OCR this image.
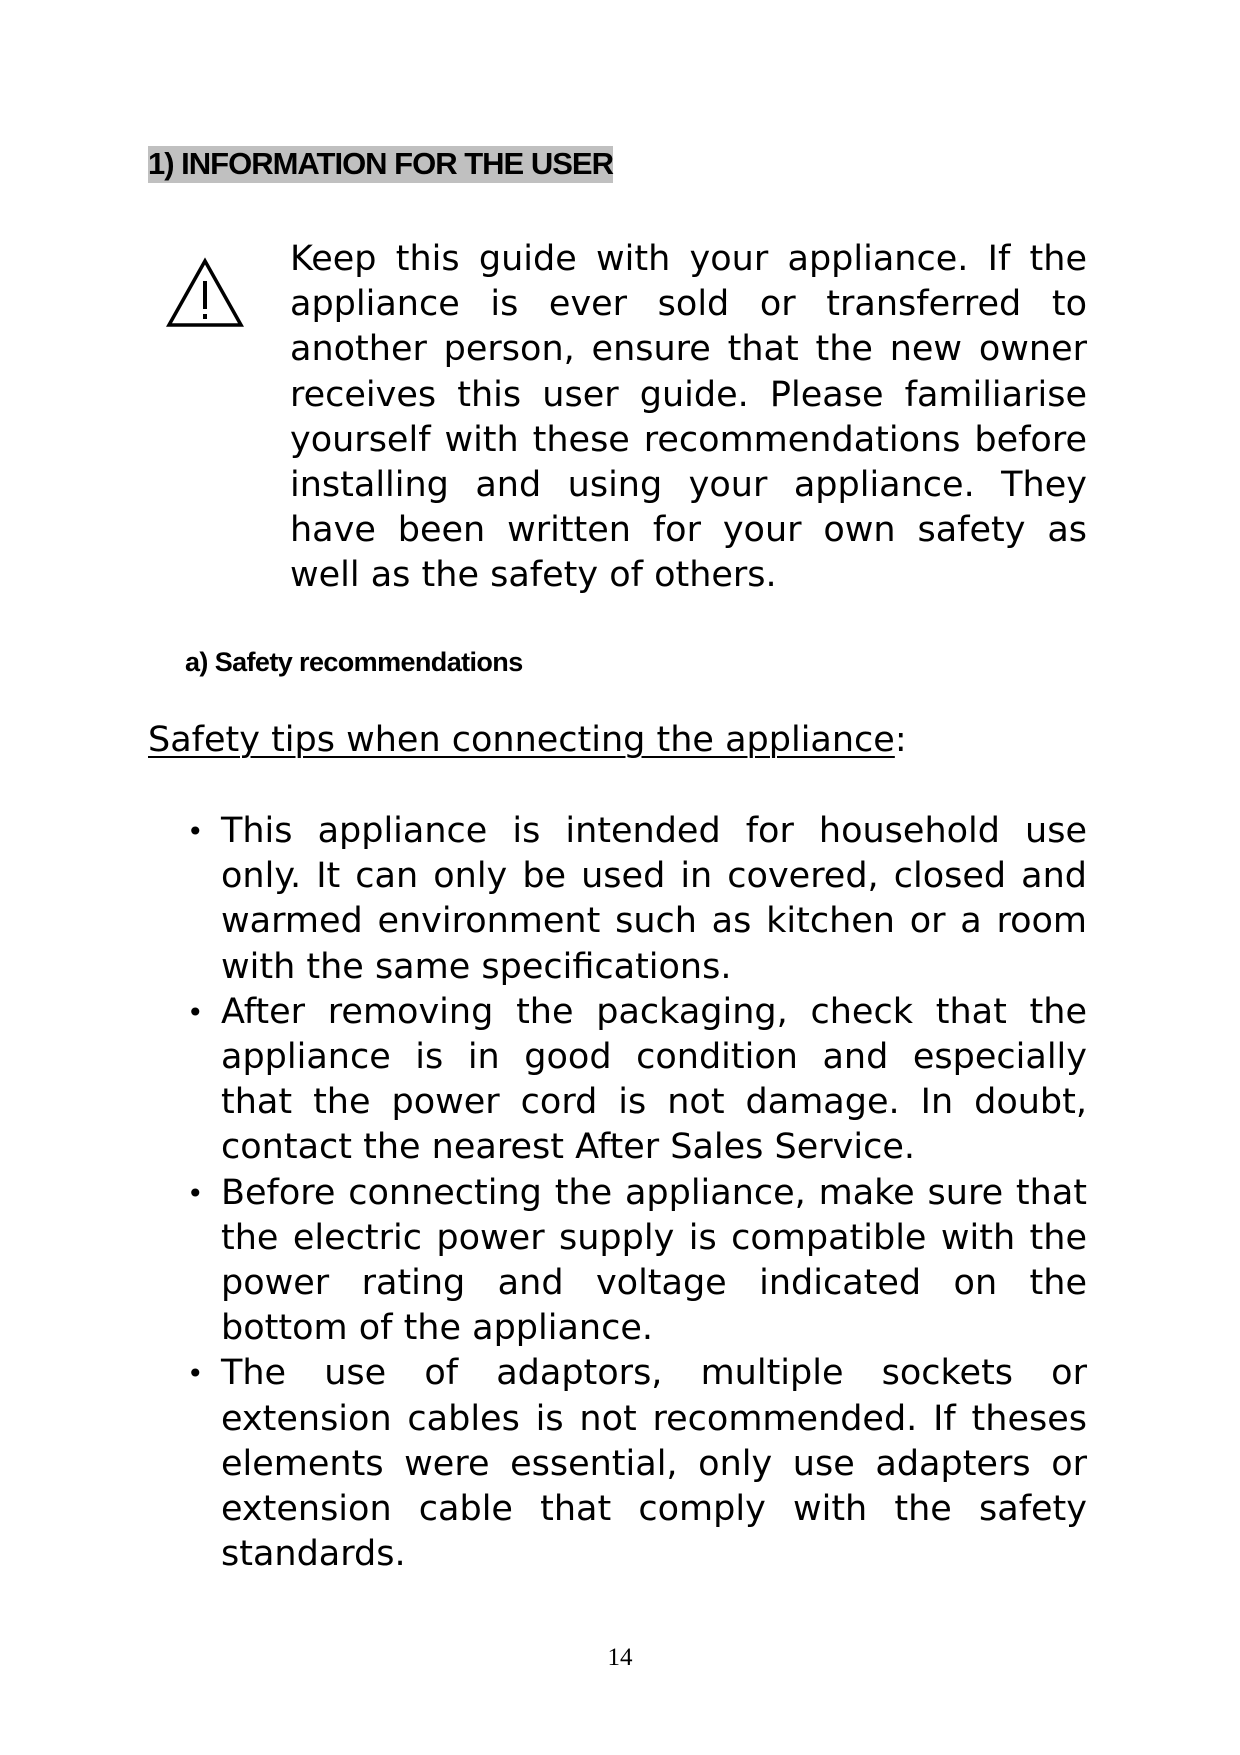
1) INFORMATION FOR THE USER

Keep this guide with your appliance. If the appliance is ever sold or transferred to another person, ensure that the new owner receives this user guide. Please familiarise yourself with these recommendations before installing and using your appliance. They have been written for your own safety as well as the safety of others.

a) Safety recommendations
Safety tips when connecting the appliance:
• This appliance is intended for household use only. It can only be used in covered, closed and warmed environment such as kitchen or a room with the same specifications.
• After removing the packaging, check that the appliance is in good condition and especially that the power cord is not damage. In doubt, contact the nearest After Sales Service.
• Before connecting the appliance, make sure that the electric power supply is compatible with the power rating and voltage indicated on the bottom of the appliance.
• The use of adaptors, multiple sockets or extension cables is not recommended. If theses elements were essential, only use adapters or extension cable that comply with the safety standards.
14
